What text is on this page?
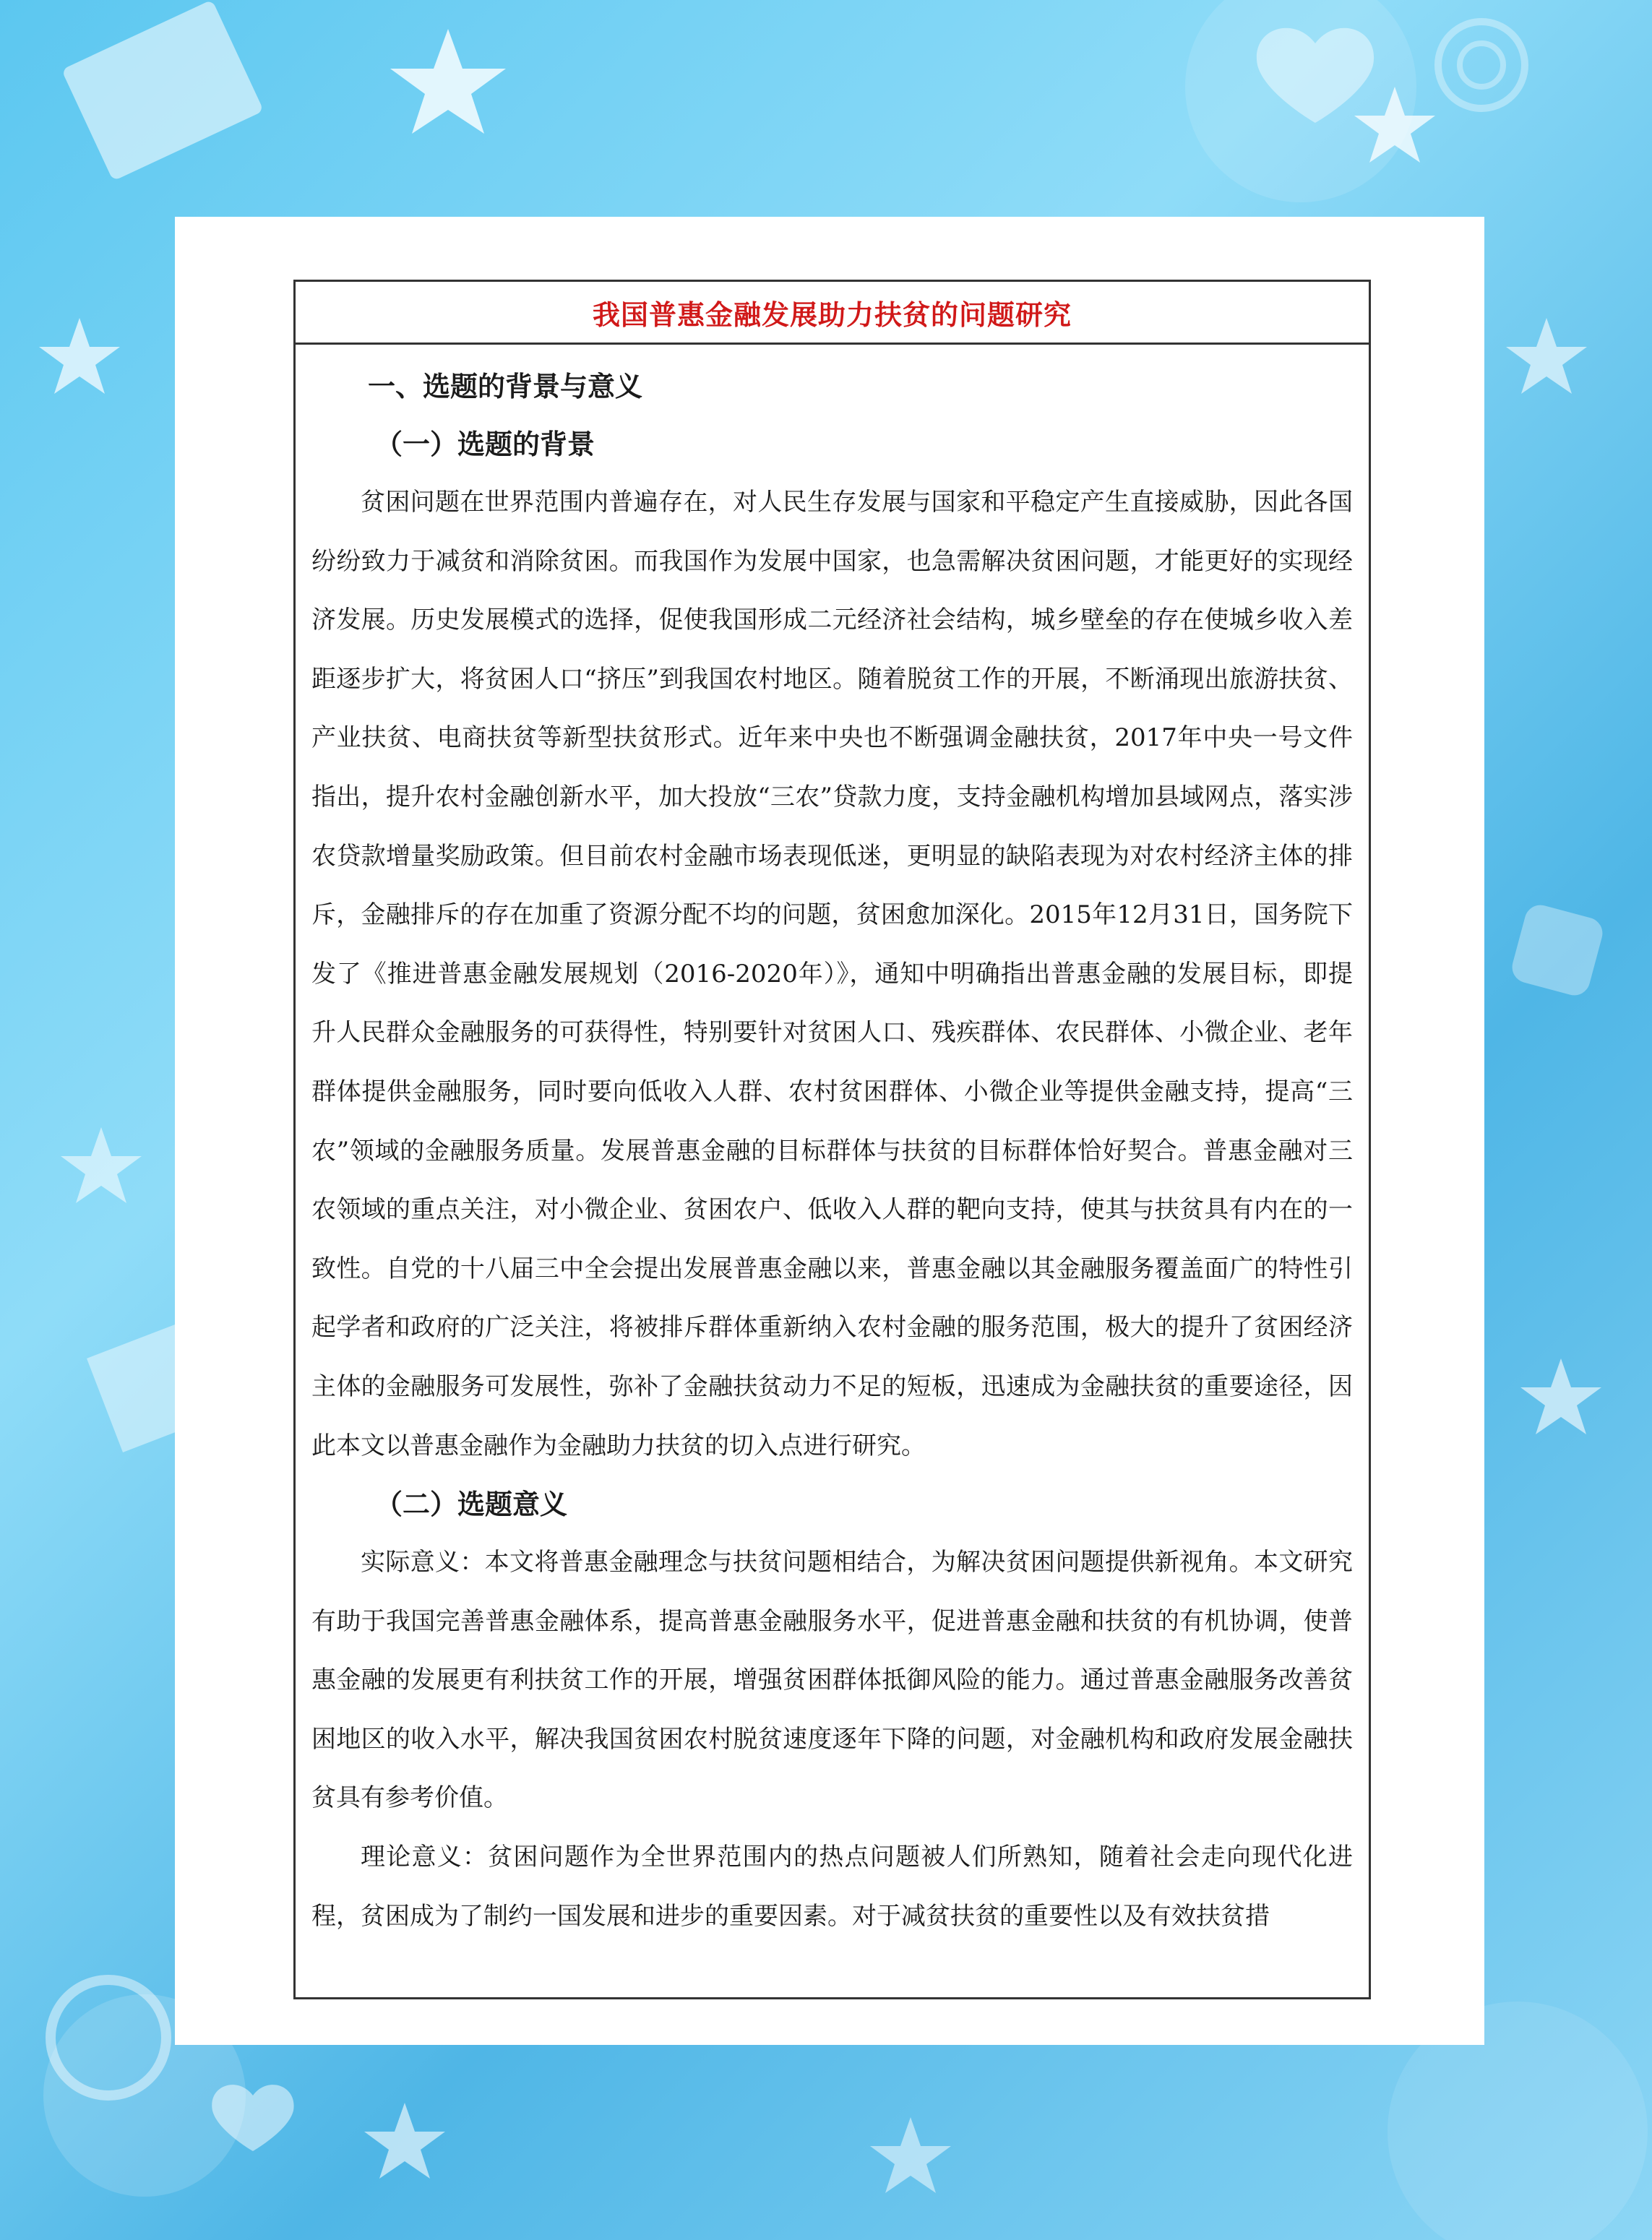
我国普惠金融发展助力扶贫的问题研究
一、选题的背景与意义
（一）选题的背景

贫困问题在世界范围内普遍存在，对人民生存发展与国家和平稳定产生直接威胁，因此各国纷纷致力于减贫和消除贫困。而我国作为发展中国家，也急需解决贫困问题，才能更好的实现经济发展。历史发展模式的选择，促使我国形成二元经济社会结构，城乡壁垒的存在使城乡收入差距逐步扩大，将贫困人口“挤压”到我国农村地区。随着脱贫工作的开展，不断涌现出旅游扶贫、产业扶贫、电商扶贫等新型扶贫形式。近年来中央也不断强调金融扶贫，2017年中央一号文件指出，提升农村金融创新水平，加大投放“三农”贷款力度，支持金融机构增加县域网点，落实涉农贷款增量奖励政策。但目前农村金融市场表现低迷，更明显的缺陷表现为对农村经济主体的排斥，金融排斥的存在加重了资源分配不均的问题，贫困愈加深化。2015年12月31日，国务院下发了《推进普惠金融发展规划（2016-2020年）》，通知中明确指出普惠金融的发展目标，即提升人民群众金融服务的可获得性，特别要针对贫困人口、残疾群体、农民群体、小微企业、老年群体提供金融服务，同时要向低收入人群、农村贫困群体、小微企业等提供金融支持，提高“三农”领域的金融服务质量。发展普惠金融的目标群体与扶贫的目标群体恰好契合。普惠金融对三农领域的重点关注，对小微企业、贫困农户、低收入人群的靶向支持，使其与扶贫具有内在的一致性。自党的十八届三中全会提出发展普惠金融以来，普惠金融以其金融服务覆盖面广的特性引起学者和政府的广泛关注，将被排斥群体重新纳入农村金融的服务范围，极大的提升了贫困经济主体的金融服务可发展性，弥补了金融扶贫动力不足的短板，迅速成为金融扶贫的重要途径，因此本文以普惠金融作为金融助力扶贫的切入点进行研究。

（二）选题意义

实际意义：本文将普惠金融理念与扶贫问题相结合，为解决贫困问题提供新视角。本文研究有助于我国完善普惠金融体系，提高普惠金融服务水平，促进普惠金融和扶贫的有机协调，使普惠金融的发展更有利扶贫工作的开展，增强贫困群体抵御风险的能力。通过普惠金融服务改善贫困地区的收入水平，解决我国贫困农村脱贫速度逐年下降的问题，对金融机构和政府发展金融扶贫具有参考价值。

理论意义：贫困问题作为全世界范围内的热点问题被人们所熟知，随着社会走向现代化进程，贫困成为了制约一国发展和进步的重要因素。对于减贫扶贫的重要性以及有效扶贫措
